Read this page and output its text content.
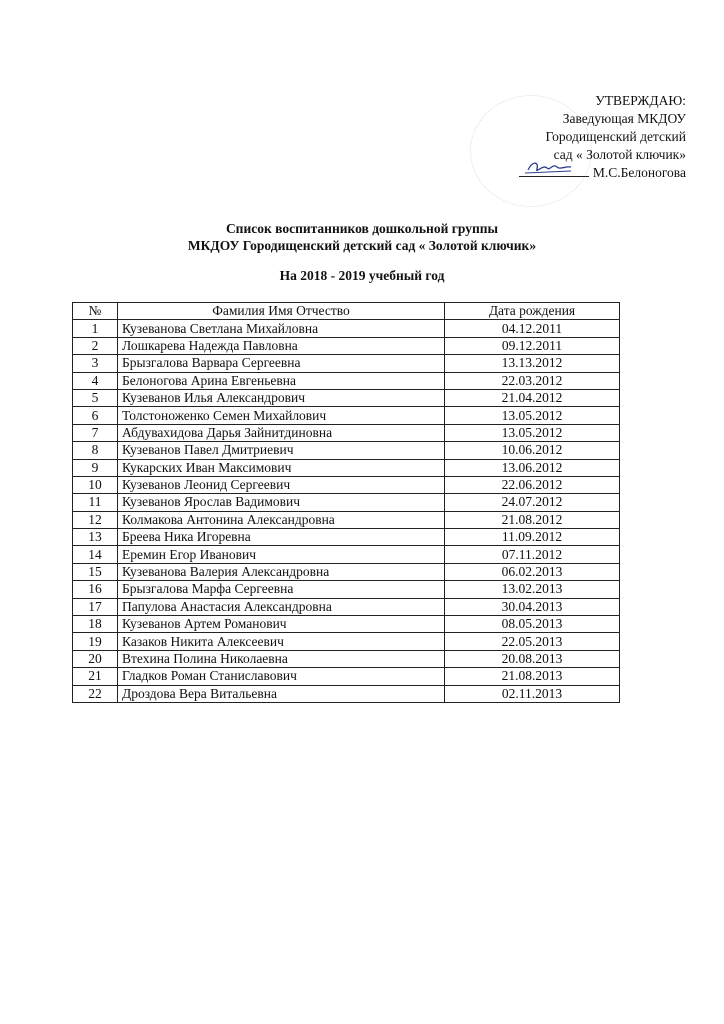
УТВЕРЖДАЮ:
Заведующая МКДОУ
Городищенский детский
сад « Золотой ключик»
М.С.Белоногова
Список воспитанников дошкольной группы
МКДОУ Городищенский детский сад « Золотой ключик»
На 2018 - 2019 учебный год
№	Фамилия Имя Отчество	Дата рождения
1	Кузеванова Светлана Михайловна	04.12.2011
2	Лошкарева Надежда Павловна	09.12.2011
3	Брызгалова Варвара Сергеевна	13.13.2012
4	Белоногова Арина Евгеньевна	22.03.2012
5	Кузеванов Илья Александрович	21.04.2012
6	Толстоноженко Семен Михайлович	13.05.2012
7	Абдувахидова Дарья Зайнитдиновна	13.05.2012
8	Кузеванов Павел Дмитриевич	10.06.2012
9	Кукарских Иван Максимович	13.06.2012
10	Кузеванов Леонид Сергеевич	22.06.2012
11	Кузеванов Ярослав Вадимович	24.07.2012
12	Колмакова Антонина Александровна	21.08.2012
13	Бреева Ника Игоревна	11.09.2012
14	Еремин Егор Иванович	07.11.2012
15	Кузеванова Валерия Александровна	06.02.2013
16	Брызгалова Марфа Сергеевна	13.02.2013
17	Папулова Анастасия Александровна	30.04.2013
18	Кузеванов Артем Романович	08.05.2013
19	Казаков Никита Алексеевич	22.05.2013
20	Втехина Полина Николаевна	20.08.2013
21	Гладков Роман Станиславович	21.08.2013
22	Дроздова Вера Витальевна	02.11.2013
